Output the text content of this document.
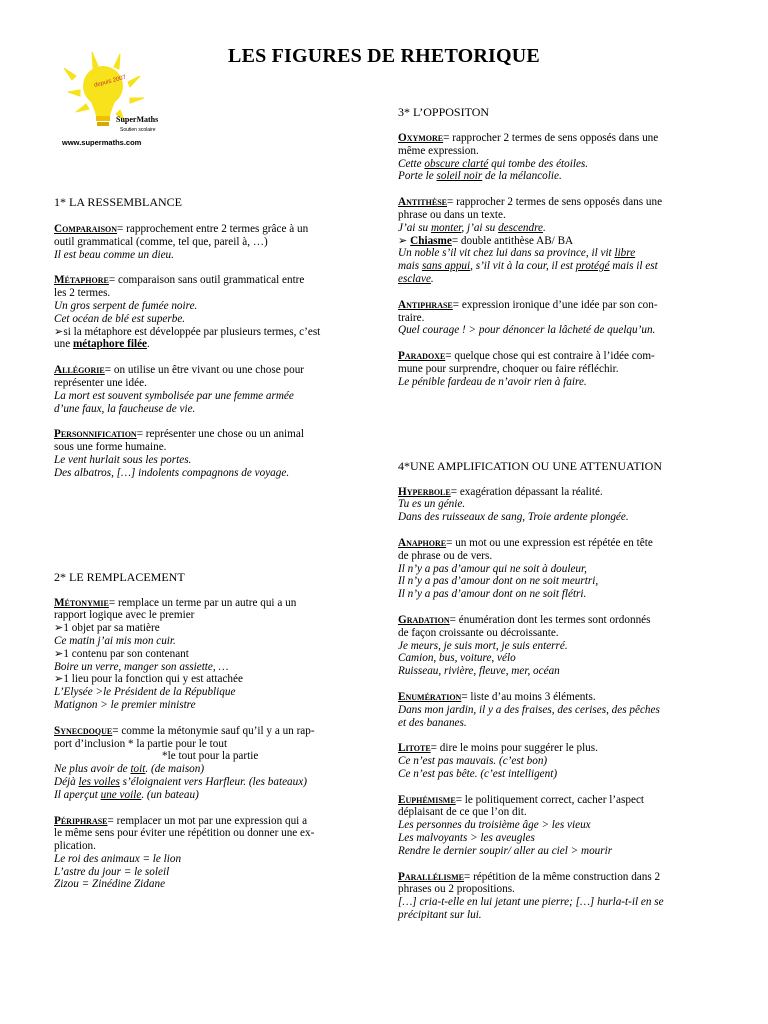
LES FIGURES DE RHETORIQUE
depuis 2007
SuperMaths
Soutien scolaire
www.supermaths.com
1* LA RESSEMBLANCE
Comparaison= rapprochement entre 2 termes grâce à un
outil grammatical (comme, tel que, pareil à, …)
Il est beau comme un dieu.
Métaphore= comparaison sans outil grammatical entre
les 2 termes.
Un gros serpent de fumée noire.
Cet océan de blé est superbe.
➢si la métaphore est développée par plusieurs termes, c’est
une métaphore filée.
Allégorie= on utilise un être vivant ou une chose pour
représenter une idée.
La mort est souvent symbolisée par une femme armée
d’une faux, la faucheuse de vie.
Personnification= représenter une chose ou un animal
sous une forme humaine.
Le vent hurlait sous les portes.
Des albatros, […] indolents compagnons de voyage.
2* LE REMPLACEMENT
Métonymie= remplace un terme par un autre qui a un
rapport logique avec le premier
➢1 objet par sa matière
Ce matin j’ai mis mon cuir.
➢1 contenu par son contenant
Boire un verre, manger son assiette, …
➢1 lieu pour la fonction qui y est attachée
L’Elysée >le Président de la République
Matignon > le premier ministre
Synecdoque= comme la métonymie sauf qu’il y a un rap-
port d’inclusion * la partie pour le tout
*le tout pour la partie
Ne plus avoir de toit. (de maison)
Déjà les voiles s’éloignaient vers Harfleur. (les bateaux)
Il aperçut une voile. (un bateau)
Périphrase= remplacer un mot par une expression qui a
le même sens pour éviter une répétition ou donner une ex-
plication.
Le roi des animaux = le lion
L’astre du jour = le soleil
Zizou = Zinédine Zidane
3* L’OPPOSITON
Oxymore= rapprocher 2 termes de sens opposés dans une
même expression.
Cette obscure clarté qui tombe des étoiles.
Porte le soleil noir de la mélancolie.
Antithèse= rapprocher 2 termes de sens opposés dans une
phrase ou dans un texte.
J’ai su monter, j’ai su descendre.
➢ Chiasme= double antithèse AB/ BA
Un noble s’il vit chez lui dans sa province, il vit libre
mais sans appui, s’il vit à la cour, il est protégé mais il est
esclave.
Antiphrase= expression ironique d’une idée par son con-
traire.
Quel courage ! > pour dénoncer la lâcheté de quelqu’un.
Paradoxe= quelque chose qui est contraire à l’idée com-
mune pour surprendre, choquer ou faire réfléchir.
Le pénible fardeau de n’avoir rien à faire.
4*UNE AMPLIFICATION OU UNE ATTENUATION
Hyperbole= exagération dépassant la réalité.
Tu es un génie.
Dans des ruisseaux de sang, Troie ardente plongée.
Anaphore= un mot ou une expression est répétée en tête
de phrase ou de vers.
Il n’y a pas d’amour qui ne soit à douleur,
Il n’y a pas d’amour dont on ne soit meurtri,
Il n’y a pas d’amour dont on ne soit flétri.
Gradation= énumération dont les termes sont ordonnés
de façon croissante ou décroissante.
Je meurs, je suis mort, je suis enterré.
Camion, bus, voiture, vélo
Ruisseau, rivière, fleuve, mer, océan
Enumération= liste d’au moins 3 éléments.
Dans mon jardin, il y a des fraises, des cerises, des pêches
et des bananes.
Litote= dire le moins pour suggérer le plus.
Ce n’est pas mauvais. (c’est bon)
Ce n’est pas bête. (c’est intelligent)
Euphémisme= le politiquement correct, cacher l’aspect
déplaisant de ce que l’on dit.
Les personnes du troisième âge > les vieux
Les malvoyants > les aveugles
Rendre le dernier soupir/ aller au ciel > mourir
Parallélisme= répétition de la même construction dans 2
phrases ou 2 propositions.
[…] cria-t-elle en lui jetant une pierre; […] hurla-t-il en se
précipitant sur lui.
